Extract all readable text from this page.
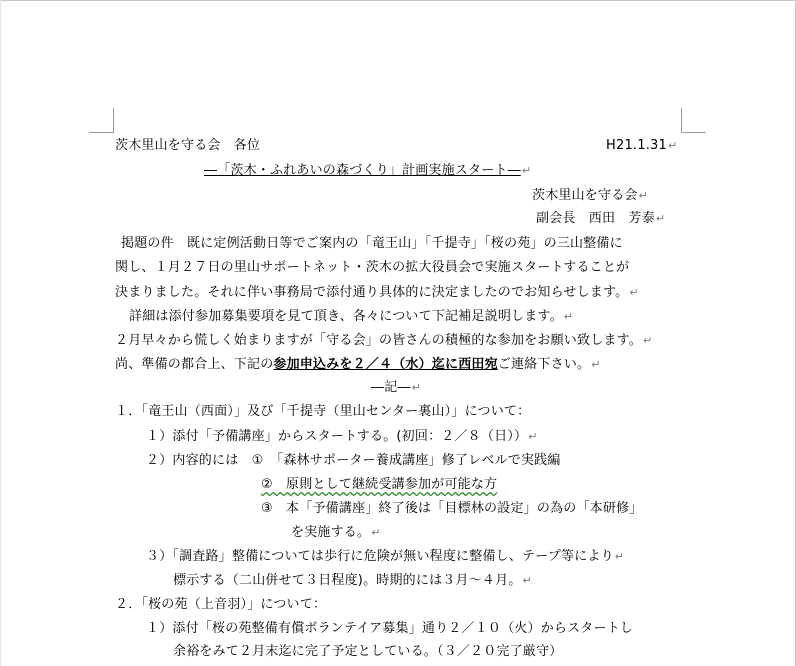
茨木里山を守る会　各位	H21.1.31↵
―「茨木・ふれあいの森づくり」計画実施スタート―↵
茨木里山を守る会↵
副会長　西田　芳泰↵
掲題の件　既に定例活動日等でご案内の「竜王山」「千提寺」「桜の苑」の三山整備に
関し、１月２７日の里山サポートネット・茨木の拡大役員会で実施スタートすることが
決まりました。それに伴い事務局で添付通り具体的に決定ましたのでお知らせします。↵
詳細は添付参加募集要項を見て頂き、各々について下記補足説明します。↵
２月早々から慌しく始まりますが「守る会」の皆さんの積極的な参加をお願い致します。↵
尚、準備の都合上、下記の参加申込みを２／４（水）迄に西田宛ご連絡下さい。↵
―記―↵
１．「竜王山（西面）」及び「千提寺（里山センター裏山）」について：
１）添付「予備講座」からスタートする。(初回：２／８（日））↵
２）内容的には　①　「森林サポーター養成講座」修了レベルで実践編
②　原則として継続受講参加が可能な方
③　本「予備講座」終了後は「目標林の設定」の為の「本研修」
を実施する。↵
３）「調査路」整備については歩行に危険が無い程度に整備し、テープ等により↵
標示する（二山併せて３日程度)。時期的には３月～４月。↵
２．「桜の苑（上音羽）」について：
１）添付「桜の苑整備有償ボランテイア募集」通り２／１０（火）からスタートし
余裕をみて２月末迄に完了予定としている。（３／２０完了厳守）
